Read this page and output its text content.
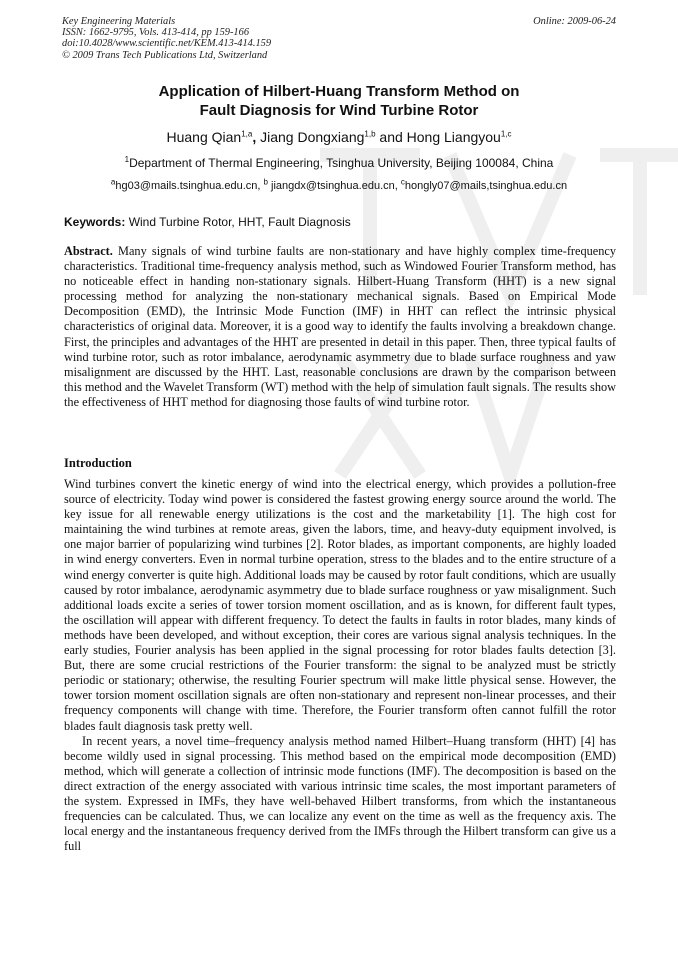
Key Engineering Materials
ISSN: 1662-9795, Vols. 413-414, pp 159-166
doi:10.4028/www.scientific.net/KEM.413-414.159
© 2009 Trans Tech Publications Ltd, Switzerland
Online: 2009-06-24
Application of Hilbert-Huang Transform Method on
Fault Diagnosis for Wind Turbine Rotor
Huang Qian$^{1,a}$, Jiang Dongxiang$^{1,b}$ and Hong Liangyou$^{1,c}$
$^1$Department of Thermal Engineering, Tsinghua University, Beijing 100084, China
$^a$hg03@mails.tsinghua.edu.cn, $^b$ jiangdx@tsinghua.edu.cn, $^c$hongly07@mails,tsinghua.edu.cn
Keywords: Wind Turbine Rotor, HHT, Fault Diagnosis
Abstract. Many signals of wind turbine faults are non-stationary and have highly complex time-frequency characteristics. Traditional time-frequency analysis method, such as Windowed Fourier Transform method, has no noticeable effect in handing non-stationary signals. Hilbert-Huang Transform (HHT) is a new signal processing method for analyzing the non-stationary mechanical signals. Based on Empirical Mode Decomposition (EMD), the Intrinsic Mode Function (IMF) in HHT can reflect the intrinsic physical characteristics of original data. Moreover, it is a good way to identify the faults involving a breakdown change. First, the principles and advantages of the HHT are presented in detail in this paper. Then, three typical faults of wind turbine rotor, such as rotor imbalance, aerodynamic asymmetry due to blade surface roughness and yaw misalignment are discussed by the HHT. Last, reasonable conclusions are drawn by the comparison between this method and the Wavelet Transform (WT) method with the help of simulation fault signals. The results show the effectiveness of HHT method for diagnosing those faults of wind turbine rotor.
Introduction

Wind turbines convert the kinetic energy of wind into the electrical energy, which provides a pollution-free source of electricity. Today wind power is considered the fastest growing energy source around the world. The key issue for all renewable energy utilizations is the cost and the marketability [1]. The high cost for maintaining the wind turbines at remote areas, given the labors, time, and heavy-duty equipment involved, is one major barrier of popularizing wind turbines [2]. Rotor blades, as important components, are highly loaded in wind energy converters. Even in normal turbine operation, stress to the blades and to the entire structure of a wind energy converter is quite high. Additional loads may be caused by rotor fault conditions, which are usually caused by rotor imbalance, aerodynamic asymmetry due to blade surface roughness or yaw misalignment. Such additional loads excite a series of tower torsion moment oscillation, and as is known, for different fault types, the oscillation will appear with different frequency. To detect the faults in faults in rotor blades, many kinds of methods have been developed, and without exception, their cores are various signal analysis techniques. In the early studies, Fourier analysis has been applied in the signal processing for rotor blades faults detection [3]. But, there are some crucial restrictions of the Fourier transform: the signal to be analyzed must be strictly periodic or stationary; otherwise, the resulting Fourier spectrum will make little physical sense. However, the tower torsion moment oscillation signals are often non-stationary and represent non-linear processes, and their frequency components will change with time. Therefore, the Fourier transform often cannot fulfill the rotor blades fault diagnosis task pretty well.

In recent years, a novel time–frequency analysis method named Hilbert–Huang transform (HHT) [4] has become wildly used in signal processing. This method based on the empirical mode decomposition (EMD) method, which will generate a collection of intrinsic mode functions (IMF). The decomposition is based on the direct extraction of the energy associated with various intrinsic time scales, the most important parameters of the system. Expressed in IMFs, they have well-behaved Hilbert transforms, from which the instantaneous frequencies can be calculated. Thus, we can localize any event on the time as well as the frequency axis. The local energy and the instantaneous frequency derived from the IMFs through the Hilbert transform can give us a full
